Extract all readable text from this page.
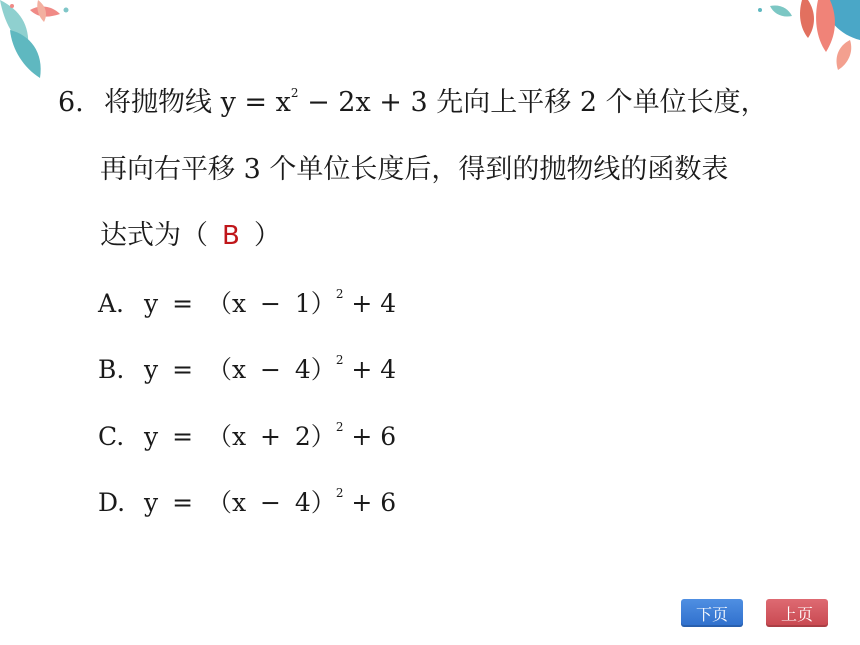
6. 将抛物线 $y = x^2 - 2x + 3$ 先向上平移 2 个单位长度，
再向右平移 3 个单位长度后，得到的抛物线的函数表
达式为（ B ）
A. $y = (x - 1)^2 + 4$
B. $y = (x - 4)^2 + 4$
C. $y = (x + 2)^2 + 6$
D. $y = (x - 4)^2 + 6$
下页	上页
